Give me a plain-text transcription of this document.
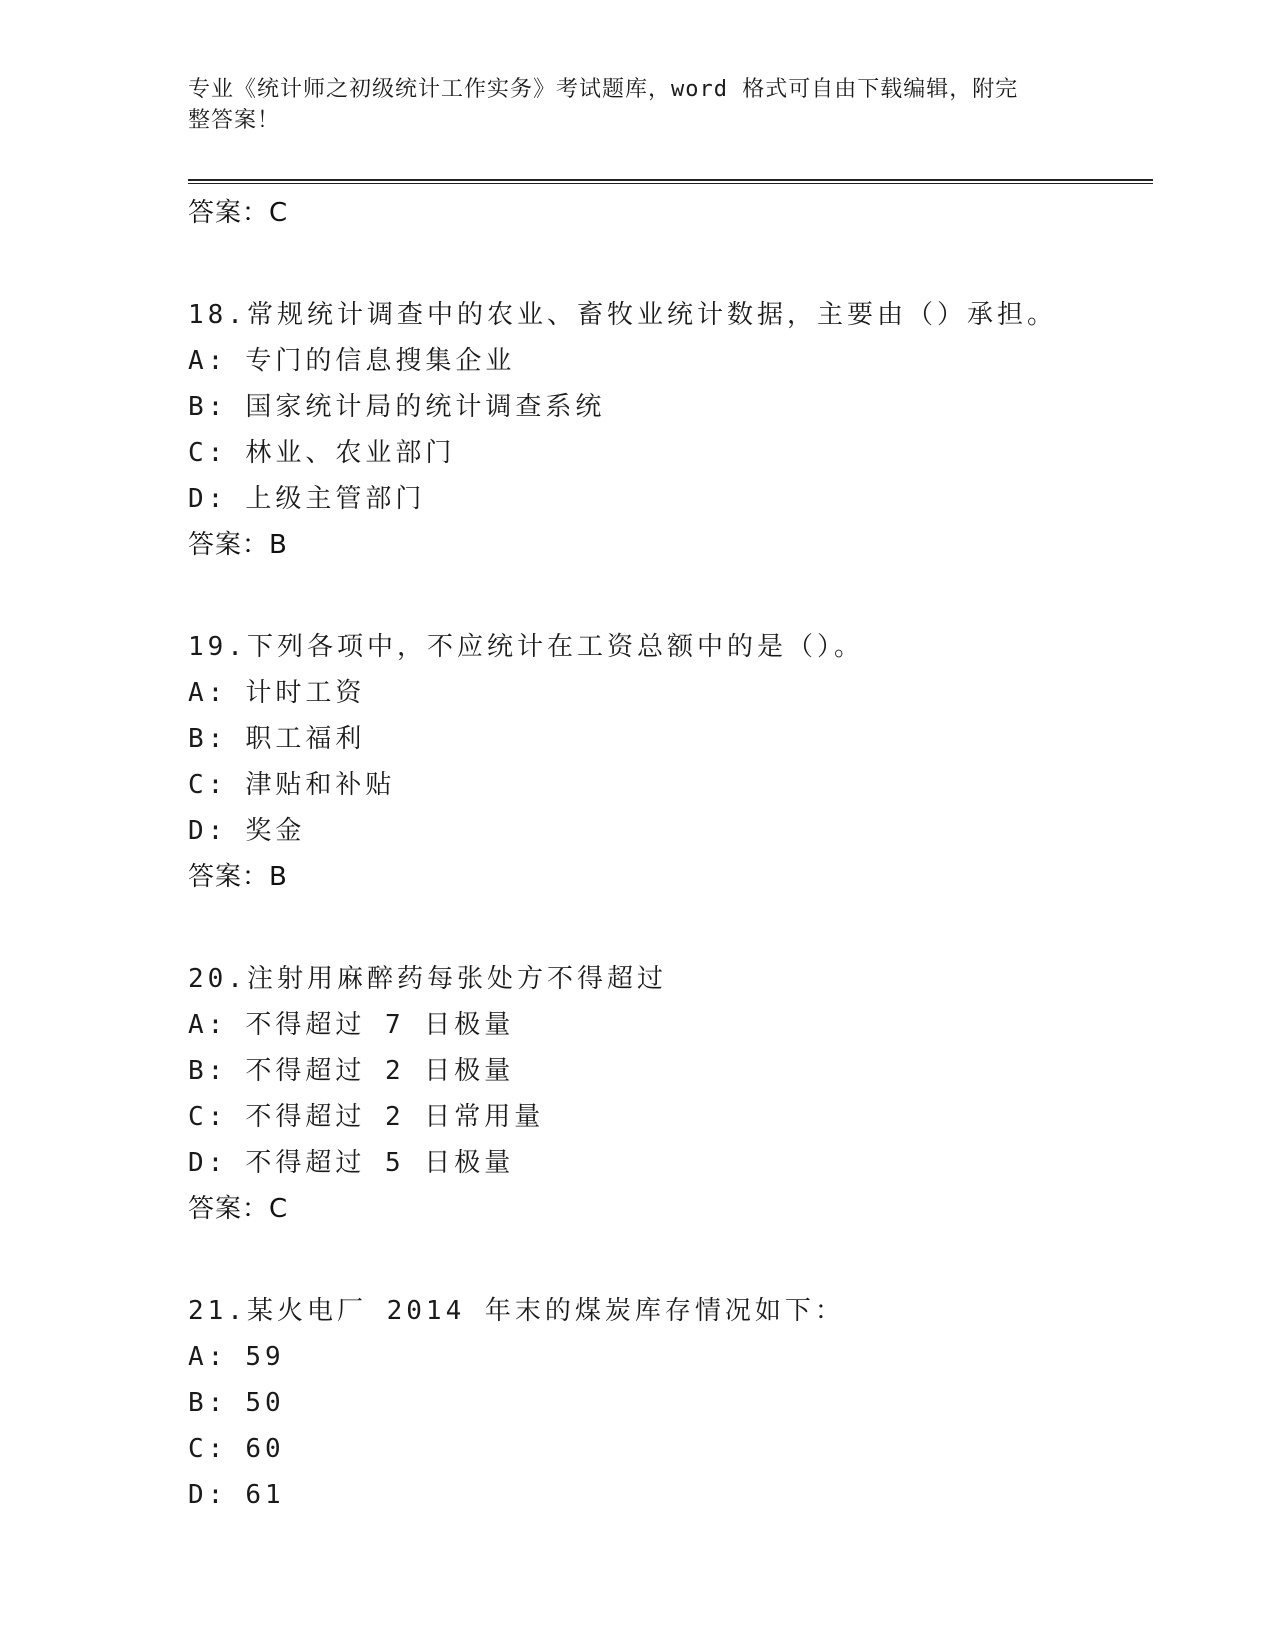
专业《统计师之初级统计工作实务》考试题库，word 格式可自由下载编辑，附完
整答案！
答案：C
18.常规统计调查中的农业、畜牧业统计数据，主要由（）承担。
A: 专门的信息搜集企业
B: 国家统计局的统计调查系统
C: 林业、农业部门
D: 上级主管部门
答案：B
19.下列各项中，不应统计在工资总额中的是（）。
A: 计时工资
B: 职工福利
C: 津贴和补贴
D: 奖金
答案：B
20.注射用麻醉药每张处方不得超过
A: 不得超过 7 日极量
B: 不得超过 2 日极量
C: 不得超过 2 日常用量
D: 不得超过 5 日极量
答案：C
21.某火电厂 2014 年末的煤炭库存情况如下：
A: 59
B: 50
C: 60
D: 61
